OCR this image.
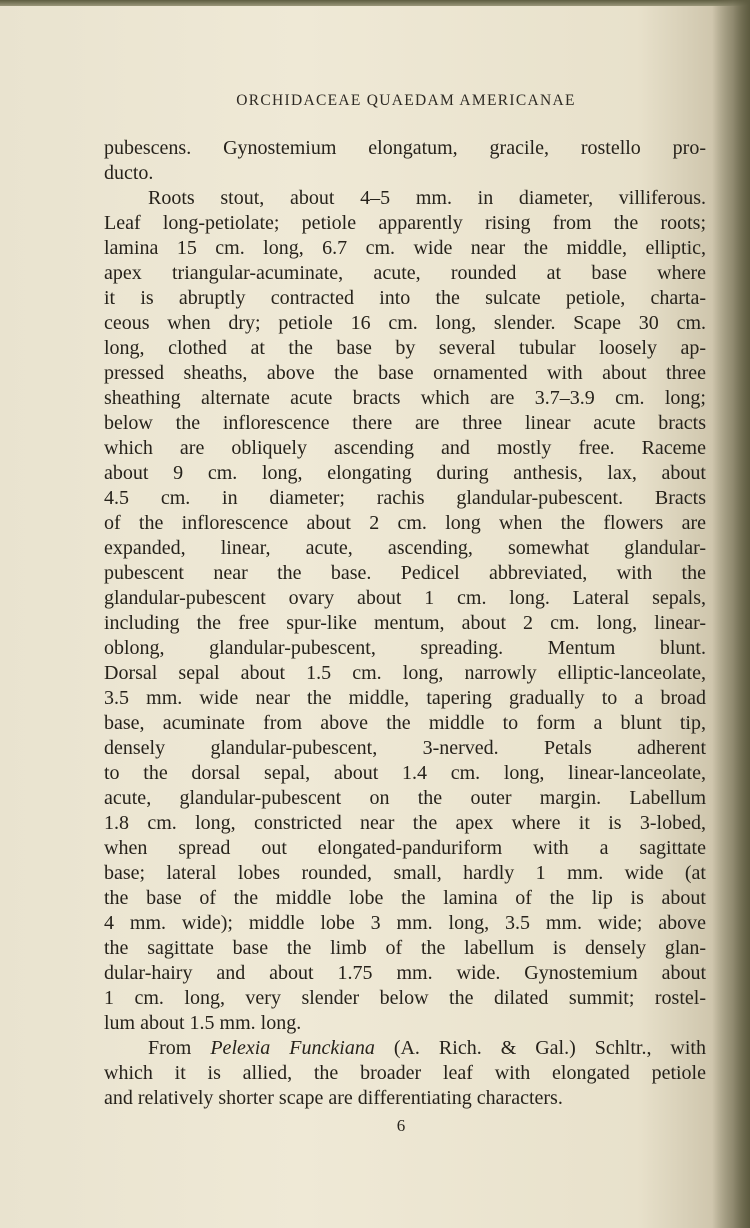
ORCHIDACEAE QUAEDAM AMERICANAE
pubescens. Gynostemium elongatum, gracile, rostello pro-
ducto.
Roots stout, about 4–5 mm. in diameter, villiferous.
Leaf long-petiolate; petiole apparently rising from the roots;
lamina 15 cm. long, 6.7 cm. wide near the middle, elliptic,
apex triangular-acuminate, acute, rounded at base where
it is abruptly contracted into the sulcate petiole, charta-
ceous when dry; petiole 16 cm. long, slender. Scape 30 cm.
long, clothed at the base by several tubular loosely ap-
pressed sheaths, above the base ornamented with about three
sheathing alternate acute bracts which are 3.7–3.9 cm. long;
below the inflorescence there are three linear acute bracts
which are obliquely ascending and mostly free. Raceme
about 9 cm. long, elongating during anthesis, lax, about
4.5 cm. in diameter; rachis glandular-pubescent. Bracts
of the inflorescence about 2 cm. long when the flowers are
expanded, linear, acute, ascending, somewhat glandular-
pubescent near the base. Pedicel abbreviated, with the
glandular-pubescent ovary about 1 cm. long. Lateral sepals,
including the free spur-like mentum, about 2 cm. long, linear-
oblong, glandular-pubescent, spreading. Mentum blunt.
Dorsal sepal about 1.5 cm. long, narrowly elliptic-lanceolate,
3.5 mm. wide near the middle, tapering gradually to a broad
base, acuminate from above the middle to form a blunt tip,
densely glandular-pubescent, 3-nerved. Petals adherent
to the dorsal sepal, about 1.4 cm. long, linear-lanceolate,
acute, glandular-pubescent on the outer margin. Labellum
1.8 cm. long, constricted near the apex where it is 3-lobed,
when spread out elongated-panduriform with a sagittate
base; lateral lobes rounded, small, hardly 1 mm. wide (at
the base of the middle lobe the lamina of the lip is about
4 mm. wide); middle lobe 3 mm. long, 3.5 mm. wide; above
the sagittate base the limb of the labellum is densely glan-
dular-hairy and about 1.75 mm. wide. Gynostemium about
1 cm. long, very slender below the dilated summit; rostel-
lum about 1.5 mm. long.
From Pelexia Funckiana (A. Rich. & Gal.) Schltr., with
which it is allied, the broader leaf with elongated petiole
and relatively shorter scape are differentiating characters.
6
